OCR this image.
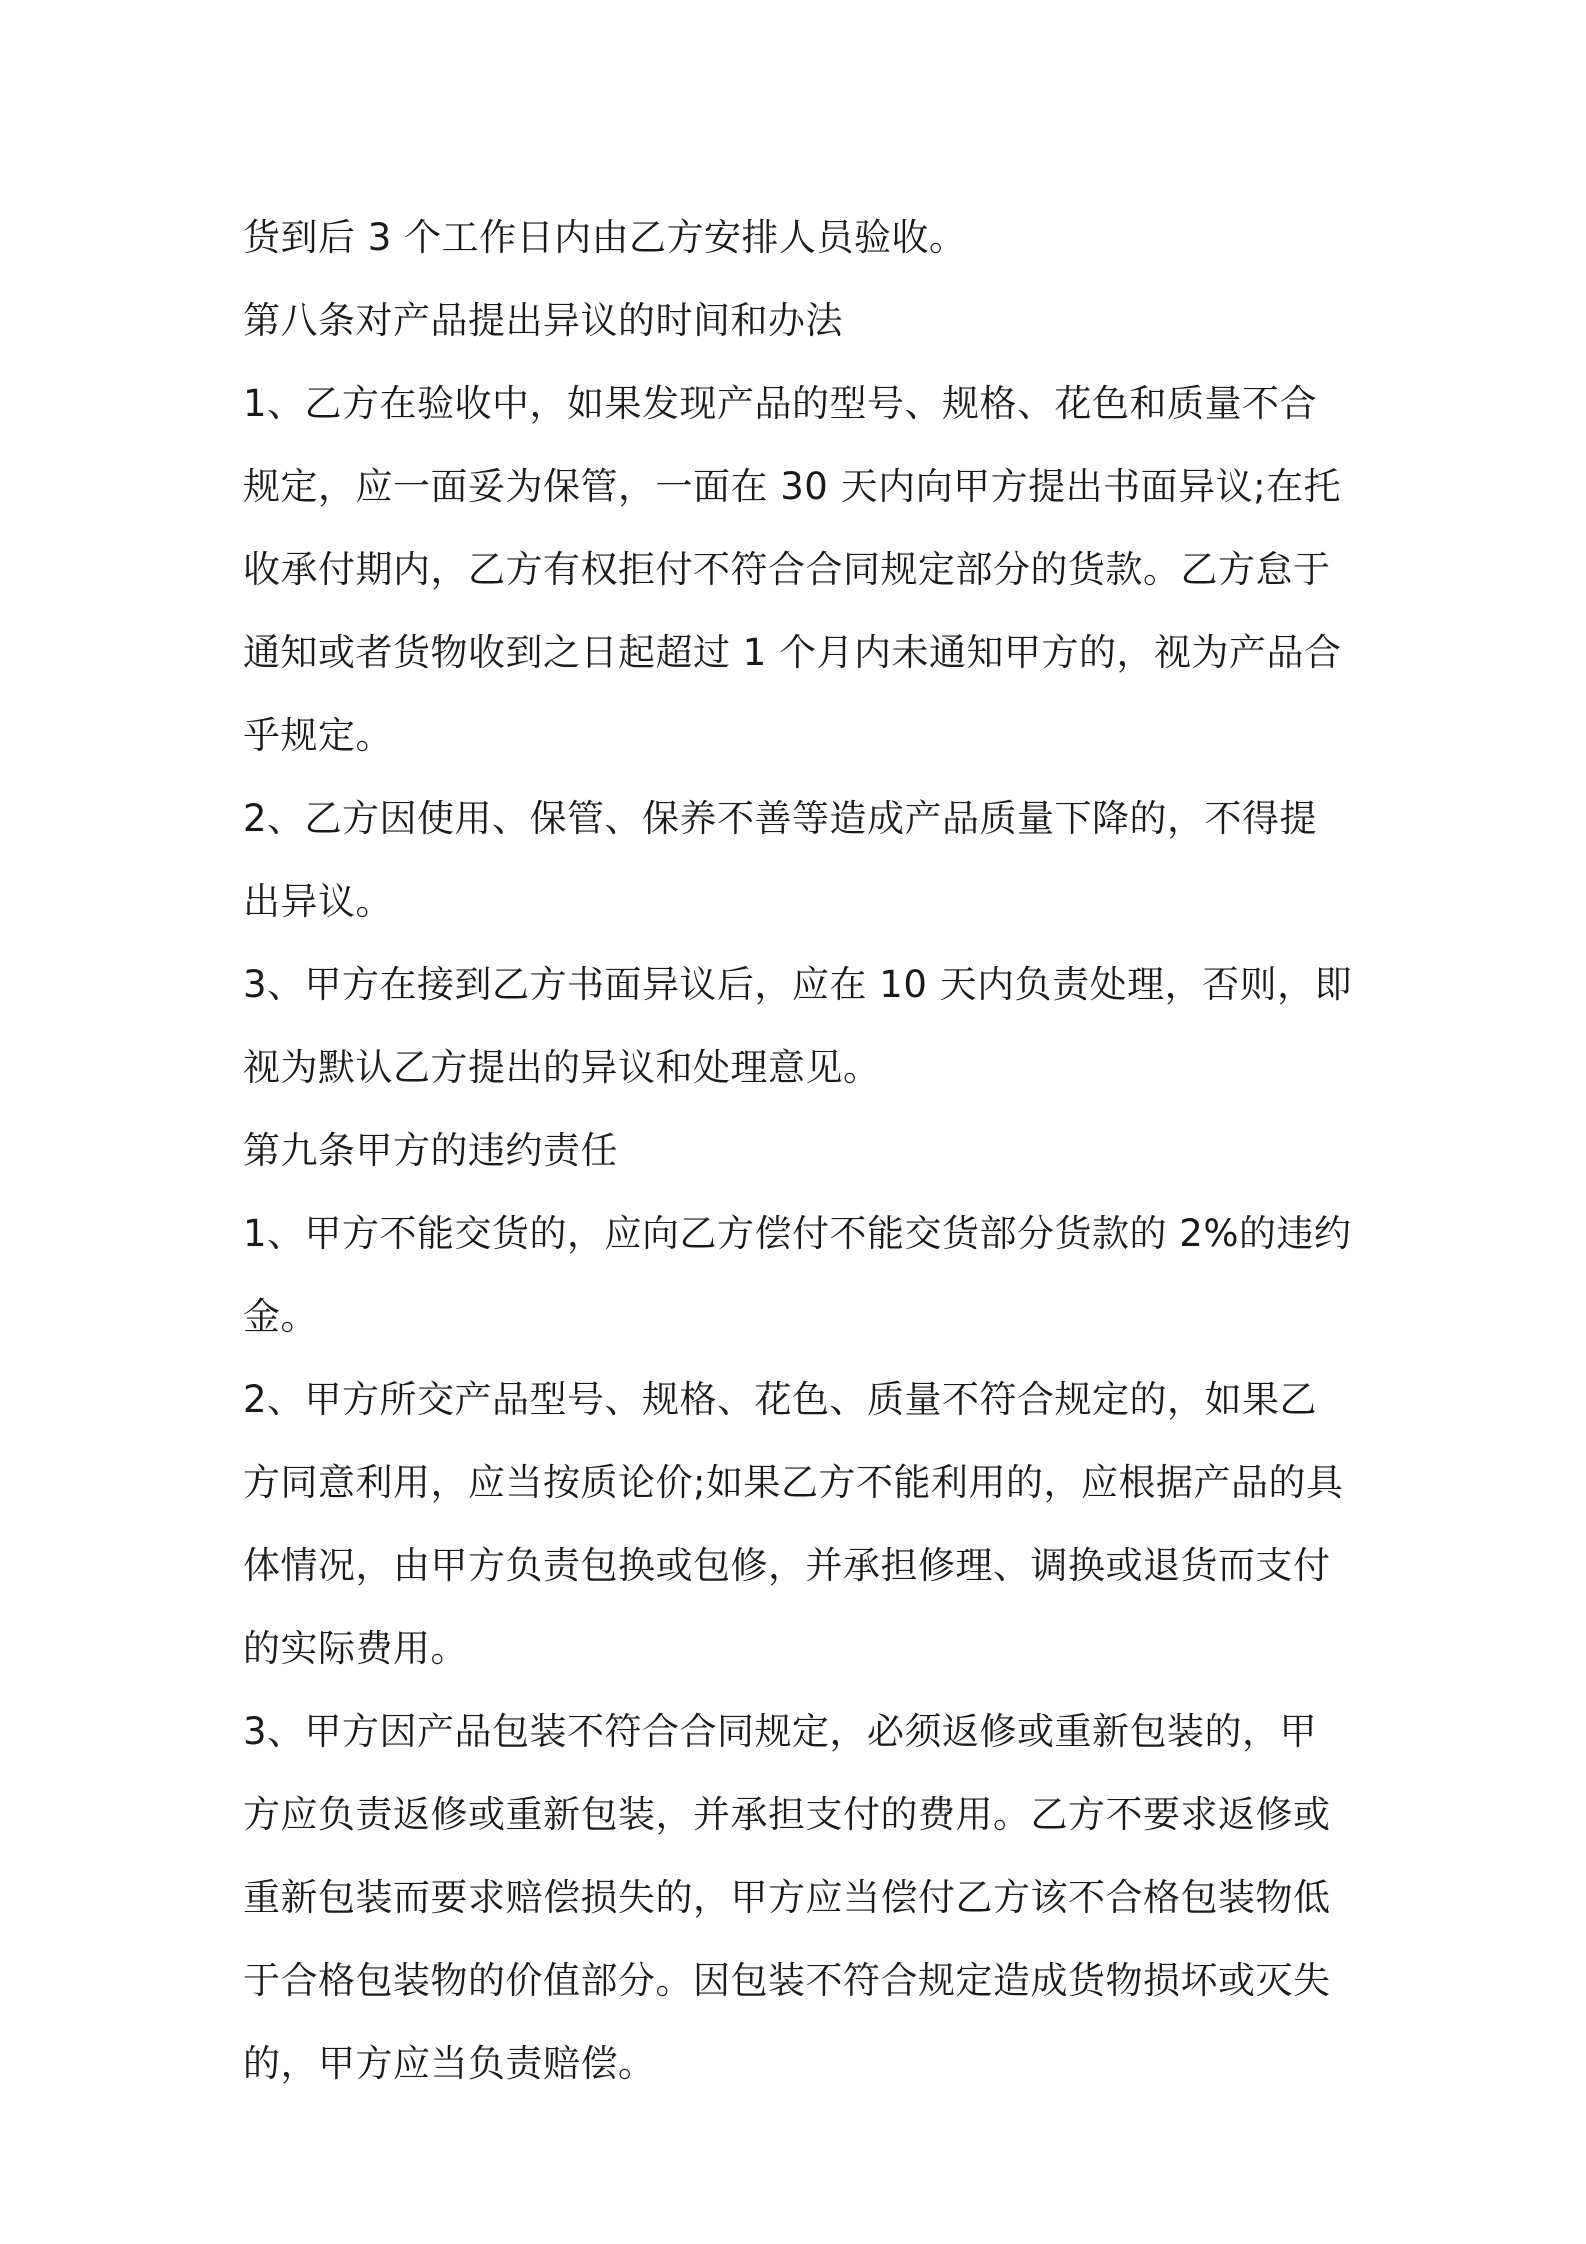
货到后 3 个工作日内由乙方安排人员验收。

第八条对产品提出异议的时间和办法

1、乙方在验收中，如果发现产品的型号、规格、花色和质量不合规定，应一面妥为保管，一面在 30 天内向甲方提出书面异议;在托收承付期内，乙方有权拒付不符合合同规定部分的货款。乙方怠于通知或者货物收到之日起超过 1 个月内未通知甲方的，视为产品合乎规定。

2、乙方因使用、保管、保养不善等造成产品质量下降的，不得提出异议。

3、甲方在接到乙方书面异议后，应在 10 天内负责处理，否则，即视为默认乙方提出的异议和处理意见。

第九条甲方的违约责任

1、甲方不能交货的，应向乙方偿付不能交货部分货款的 2%的违约金。

2、甲方所交产品型号、规格、花色、质量不符合规定的，如果乙方同意利用，应当按质论价;如果乙方不能利用的，应根据产品的具体情况，由甲方负责包换或包修，并承担修理、调换或退货而支付的实际费用。

3、甲方因产品包装不符合合同规定，必须返修或重新包装的，甲方应负责返修或重新包装，并承担支付的费用。乙方不要求返修或重新包装而要求赔偿损失的，甲方应当偿付乙方该不合格包装物低于合格包装物的价值部分。因包装不符合规定造成货物损坏或灭失的，甲方应当负责赔偿。
